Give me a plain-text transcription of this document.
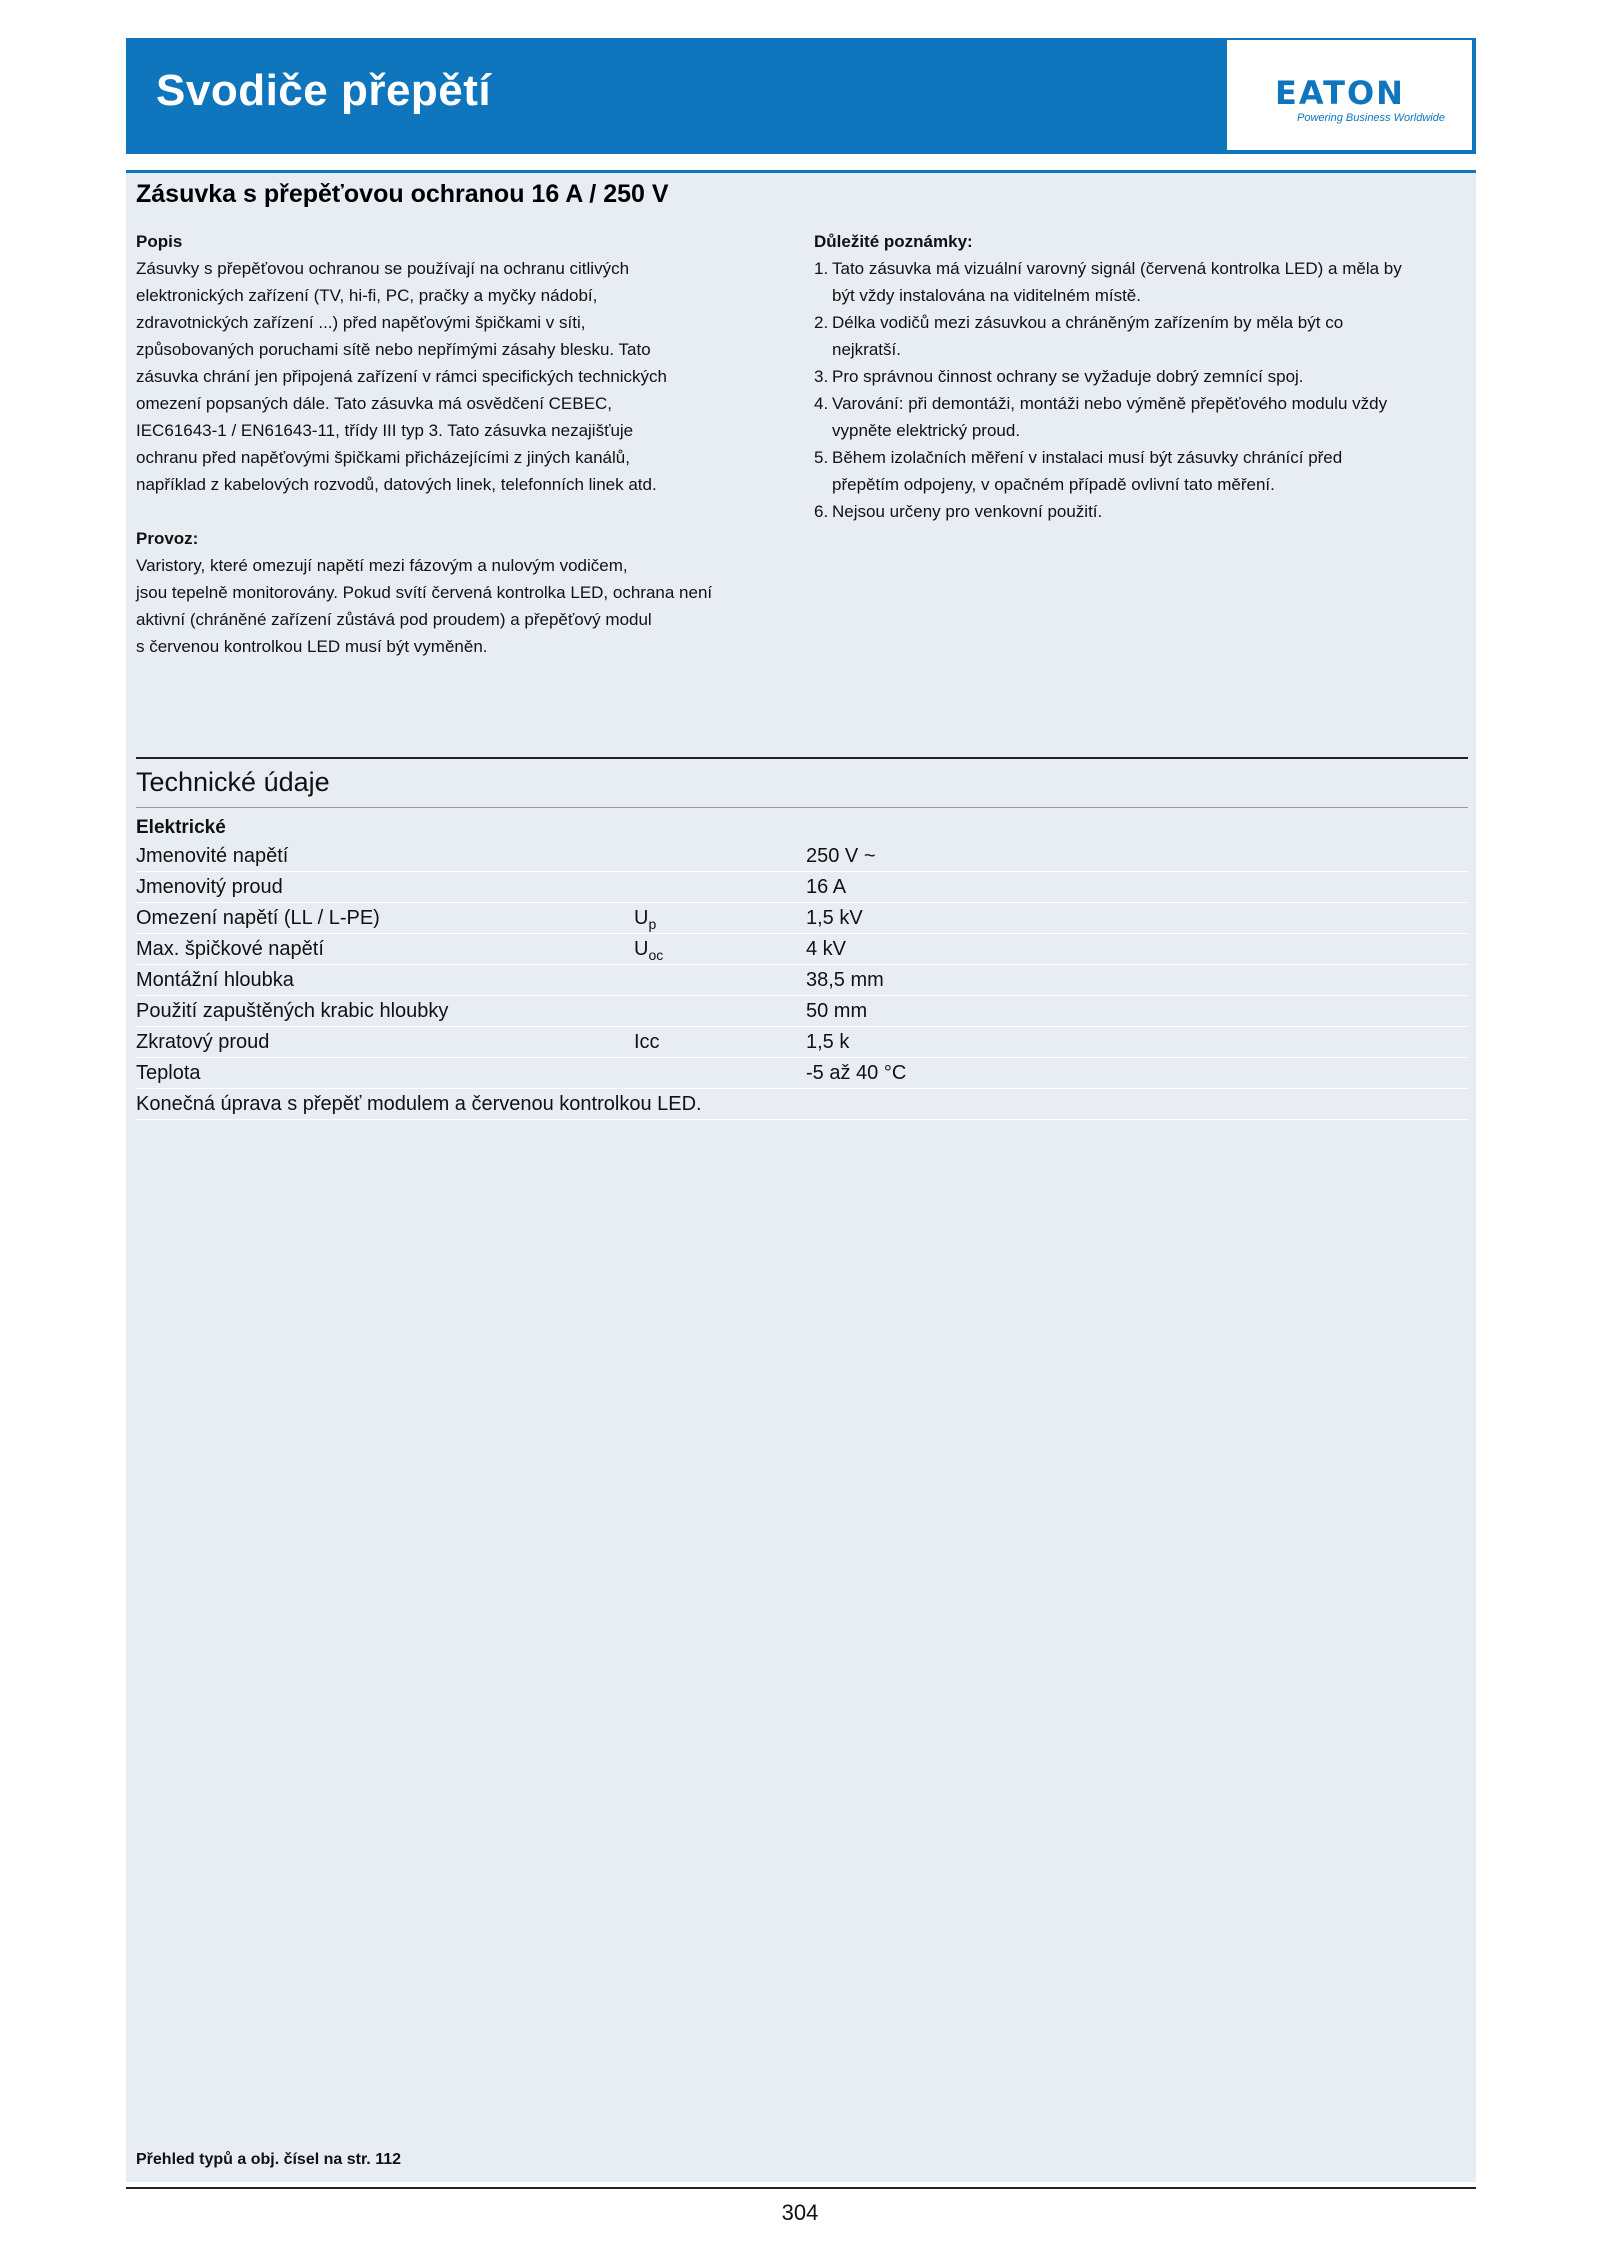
Svodiče přepětí	EATON
Powering Business Worldwide
Zásuvka s přepěťovou ochranou 16 A / 250 V
Popis

Zásuvky s přepěťovou ochranou se používají na ochranu citlivých
elektronických zařízení (TV, hi-fi, PC, pračky a myčky nádobí,
zdravotnických zařízení ...) před napěťovými špičkami v síti,
způsobovaných poruchami sítě nebo nepřímými zásahy blesku. Tato
zásuvka chrání jen připojená zařízení v rámci specifických technických
omezení popsaných dále. Tato zásuvka má osvědčení CEBEC,
IEC61643-1 / EN61643-11, třídy III typ 3. Tato zásuvka nezajišťuje
ochranu před napěťovými špičkami přicházejícími z jiných kanálů,
například z kabelových rozvodů, datových linek, telefonních linek atd.

Provoz:

Varistory, které omezují napětí mezi fázovým a nulovým vodičem,
jsou tepelně monitorovány. Pokud svítí červená kontrolka LED, ochrana není
aktivní (chráněné zařízení zůstává pod proudem) a přepěťový modul
s červenou kontrolkou LED musí být vyměněn.

Důležité poznámky:
1. Tato zásuvka má vizuální varovný signál (červená kontrolka LED) a měla by
být vždy instalována na viditelném místě.
2. Délka vodičů mezi zásuvkou a chráněným zařízením by měla být co
nejkratší.
3. Pro správnou činnost ochrany se vyžaduje dobrý zemnící spoj.
4. Varování: při demontáži, montáži nebo výměně přepěťového modulu vždy
vypněte elektrický proud.
5. Během izolačních měření v instalaci musí být zásuvky chránící před
přepětím odpojeny, v opačném případě ovlivní tato měření.
6. Nejsou určeny pro venkovní použití.
Technické údaje
Elektrické
Jmenovité napětí	250 V ~
Jmenovitý proud	16 A
Omezení napětí (LL / L-PE)	$U_p$	1,5 kV
Max. špičkové napětí	$U_{oc}$	4 kV
Montážní hloubka	38,5 mm
Použití zapuštěných krabic hloubky	50 mm
Zkratový proud	Icc	1,5 k
Teplota	-5 až 40 °C
Konečná úprava s přepěť modulem a červenou kontrolkou LED.
Přehled typů a obj. čísel na str. 112
304
